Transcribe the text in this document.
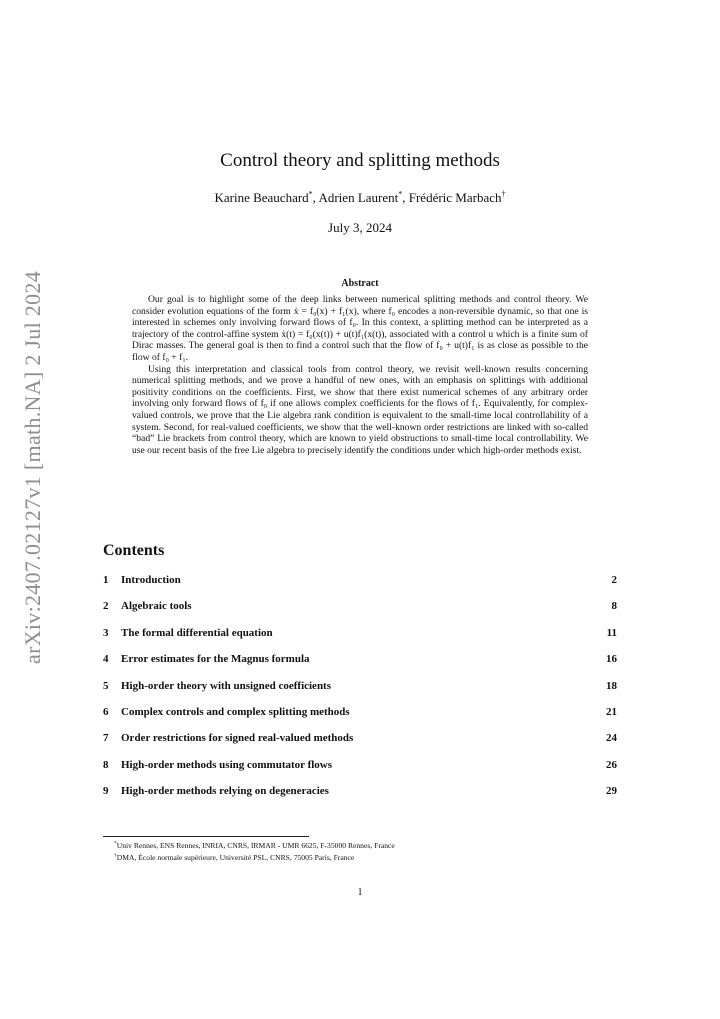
arXiv:2407.02127v1 [math.NA] 2 Jul 2024
Control theory and splitting methods
Karine Beauchard*, Adrien Laurent*, Frédéric Marbach†
July 3, 2024
Abstract

Our goal is to highlight some of the deep links between numerical splitting methods and control theory. We consider evolution equations of the form ẋ = f₀(x) + f₁(x), where f₀ encodes a non-reversible dynamic, so that one is interested in schemes only involving forward flows of f₀. In this context, a splitting method can be interpreted as a trajectory of the control-affine system ẋ(t) = f₀(x(t)) + u(t)f₁(x(t)), associated with a control u which is a finite sum of Dirac masses. The general goal is then to find a control such that the flow of f₀ + u(t)f₁ is as close as possible to the flow of f₀ + f₁.

Using this interpretation and classical tools from control theory, we revisit well-known results concerning numerical splitting methods, and we prove a handful of new ones, with an emphasis on splittings with additional positivity conditions on the coefficients. First, we show that there exist numerical schemes of any arbitrary order involving only forward flows of f₀ if one allows complex coefficients for the flows of f₁. Equivalently, for complex-valued controls, we prove that the Lie algebra rank condition is equivalent to the small-time local controllability of a system. Second, for real-valued coefficients, we show that the well-known order restrictions are linked with so-called “bad” Lie brackets from control theory, which are known to yield obstructions to small-time local controllability. We use our recent basis of the free Lie algebra to precisely identify the conditions under which high-order methods exist.

Contents
1	Introduction	2
2	Algebraic tools	8
3	The formal differential equation	11
4	Error estimates for the Magnus formula	16
5	High-order theory with unsigned coefficients	18
6	Complex controls and complex splitting methods	21
7	Order restrictions for signed real-valued methods	24
8	High-order methods using commutator flows	26
9	High-order methods relying on degeneracies	29
*Univ Rennes, ENS Rennes, INRIA, CNRS, IRMAR - UMR 6625, F-35000 Rennes, France
†DMA, École normale supérieure, Université PSL, CNRS, 75005 Paris, France
1
